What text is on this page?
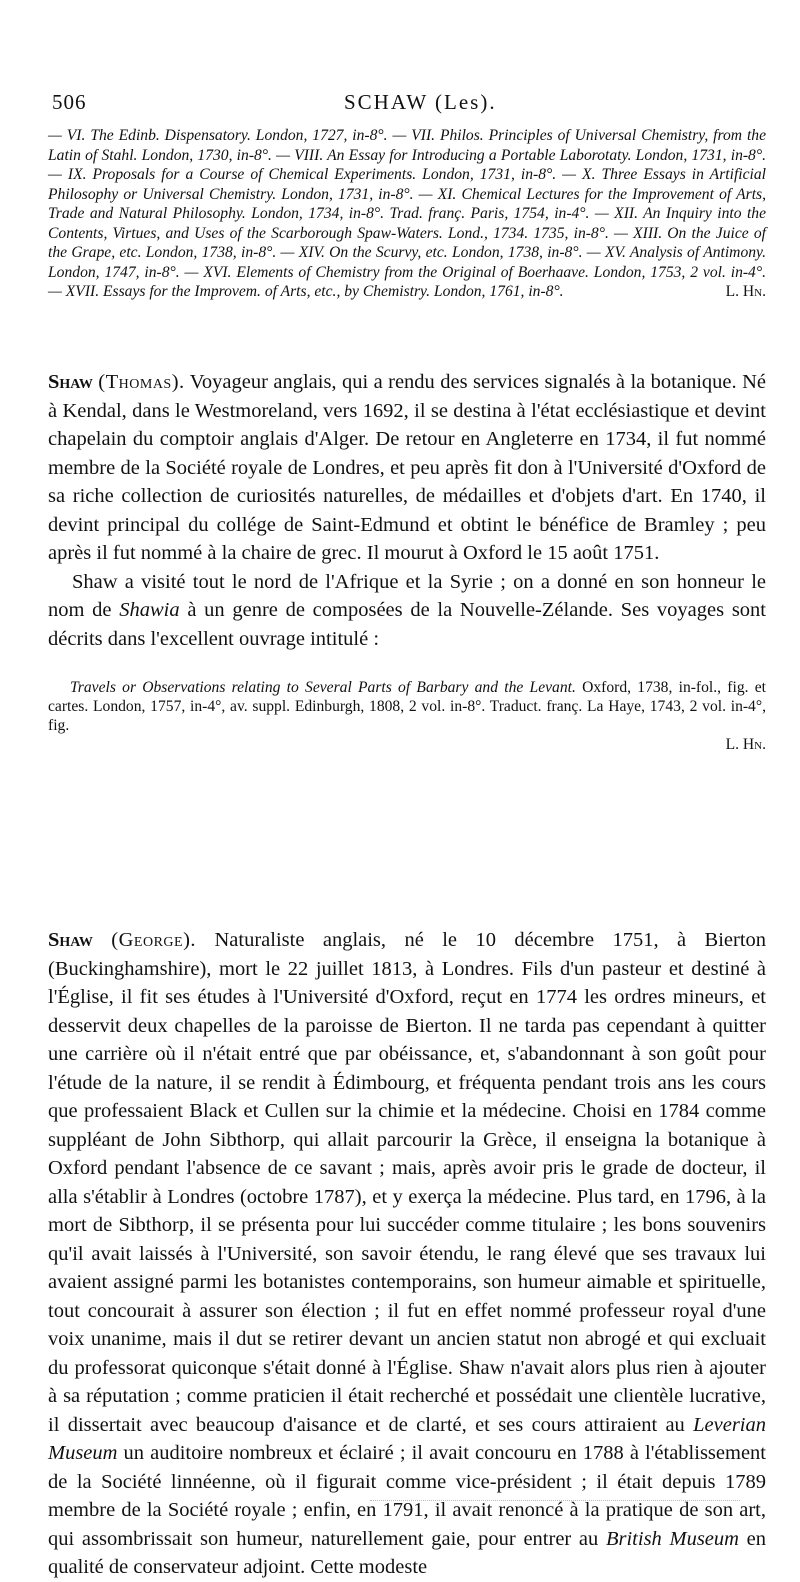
506	SCHAW (Les).
— VI. The Edinb. Dispensatory. London, 1727, in-8°. — VII. Philos. Principles of Universal Chemistry, from the Latin of Stahl. London, 1730, in-8°. — VIII. An Essay for Introducing a Portable Laborotaty. London, 1731, in-8°. — IX. Proposals for a Course of Chemical Experiments. London, 1731, in-8°. — X. Three Essays in Artificial Philosophy or Universal Chemistry. London, 1731, in-8°. — XI. Chemical Lectures for the Improvement of Arts, Trade and Natural Philosophy. London, 1734, in-8°. Trad. franç. Paris, 1754, in-4°. — XII. An Inquiry into the Contents, Virtues, and Uses of the Scarborough Spaw-Waters. Lond., 1734. 1735, in-8°. — XIII. On the Juice of the Grape, etc. London, 1738, in-8°. — XIV. On the Scurvy, etc. London, 1738, in-8°. — XV. Analysis of Antimony. London, 1747, in-8°. — XVI. Elements of Chemistry from the Original of Boerhaave. London, 1753, 2 vol. in-4°. — XVII. Essays for the Improvem. of Arts, etc., by Chemistry. London, 1761, in-8°.	L. Hn.

Shaw (Thomas). Voyageur anglais, qui a rendu des services signalés à la botanique. Né à Kendal, dans le Westmoreland, vers 1692, il se destina à l'état ecclésiastique et devint chapelain du comptoir anglais d'Alger. De retour en Angleterre en 1734, il fut nommé membre de la Société royale de Londres, et peu après fit don à l'Université d'Oxford de sa riche collection de curiosités naturelles, de médailles et d'objets d'art. En 1740, il devint principal du collége de Saint-Edmund et obtint le bénéfice de Bramley ; peu après il fut nommé à la chaire de grec. Il mourut à Oxford le 15 août 1751.

Shaw a visité tout le nord de l'Afrique et la Syrie ; on a donné en son honneur le nom de Shawia à un genre de composées de la Nouvelle-Zélande. Ses voyages sont décrits dans l'excellent ouvrage intitulé :

Travels or Observations relating to Several Parts of Barbary and the Levant. Oxford, 1738, in-fol., fig. et cartes. London, 1757, in-4°, av. suppl. Edinburgh, 1808, 2 vol. in-8°. Traduct. franç. La Haye, 1743, 2 vol. in-4°, fig.
L. Hn.

Shaw (George). Naturaliste anglais, né le 10 décembre 1751, à Bierton (Buckinghamshire), mort le 22 juillet 1813, à Londres. Fils d'un pasteur et destiné à l'Église, il fit ses études à l'Université d'Oxford, reçut en 1774 les ordres mineurs, et desservit deux chapelles de la paroisse de Bierton. Il ne tarda pas cependant à quitter une carrière où il n'était entré que par obéissance, et, s'abandonnant à son goût pour l'étude de la nature, il se rendit à Édimbourg, et fréquenta pendant trois ans les cours que professaient Black et Cullen sur la chimie et la médecine. Choisi en 1784 comme suppléant de John Sibthorp, qui allait parcourir la Grèce, il enseigna la botanique à Oxford pendant l'absence de ce savant ; mais, après avoir pris le grade de docteur, il alla s'établir à Londres (octobre 1787), et y exerça la médecine. Plus tard, en 1796, à la mort de Sibthorp, il se présenta pour lui succéder comme titulaire ; les bons souvenirs qu'il avait laissés à l'Université, son savoir étendu, le rang élevé que ses travaux lui avaient assigné parmi les botanistes contemporains, son humeur aimable et spirituelle, tout concourait à assurer son élection ; il fut en effet nommé professeur royal d'une voix unanime, mais il dut se retirer devant un ancien statut non abrogé et qui excluait du professorat quiconque s'était donné à l'Église. Shaw n'avait alors plus rien à ajouter à sa réputation ; comme praticien il était recherché et possédait une clientèle lucrative, il dissertait avec beaucoup d'aisance et de clarté, et ses cours attiraient au Leverian Museum un auditoire nombreux et éclairé ; il avait concouru en 1788 à l'établissement de la Société linnéenne, où il figurait comme vice-président ; il était depuis 1789 membre de la Société royale ; enfin, en 1791, il avait renoncé à la pratique de son art, qui assombrissait son humeur, naturellement gaie, pour entrer au British Museum en qualité de conservateur adjoint. Cette modeste
